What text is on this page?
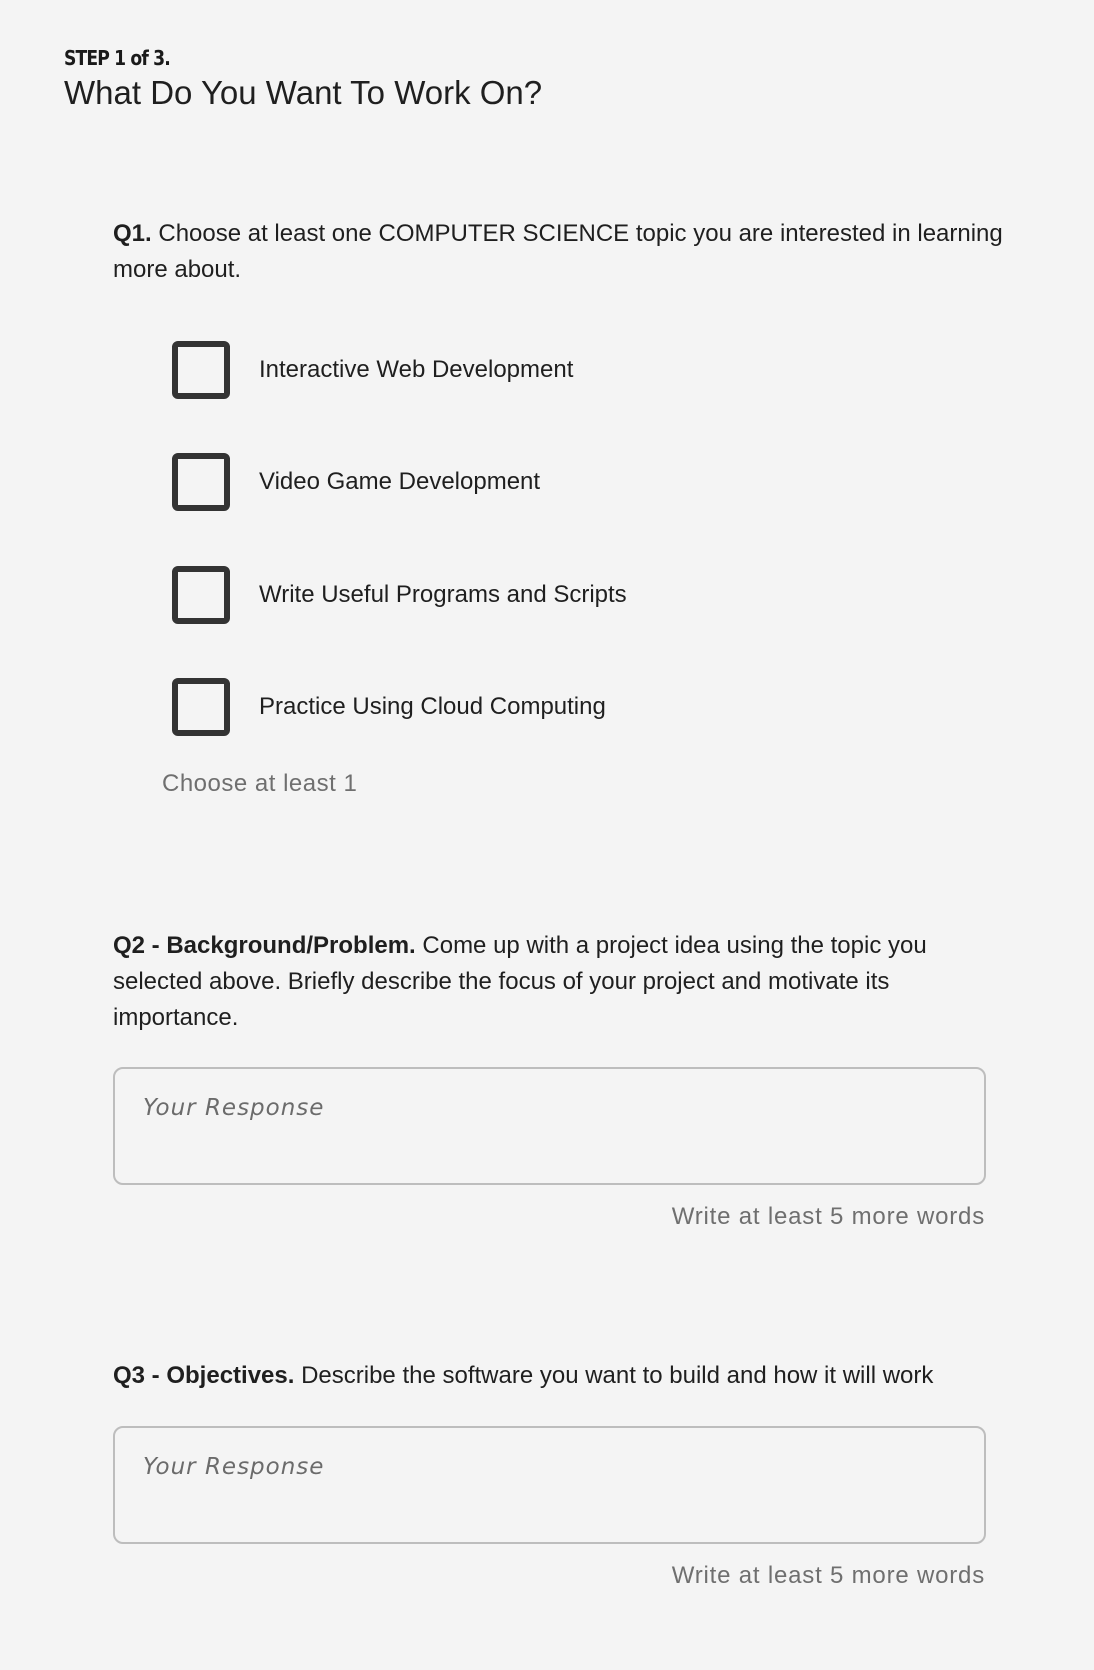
STEP 1 of 3.
What Do You Want To Work On?
Q1. Choose at least one COMPUTER SCIENCE topic you are interested in learning more about.
Interactive Web Development
Video Game Development
Write Useful Programs and Scripts
Practice Using Cloud Computing
Choose at least 1
Q2 - Background/Problem. Come up with a project idea using the topic you selected above. Briefly describe the focus of your project and motivate its importance.
Your Response
Write at least 5 more words
Q3 - Objectives. Describe the software you want to build and how it will work
Your Response
Write at least 5 more words
